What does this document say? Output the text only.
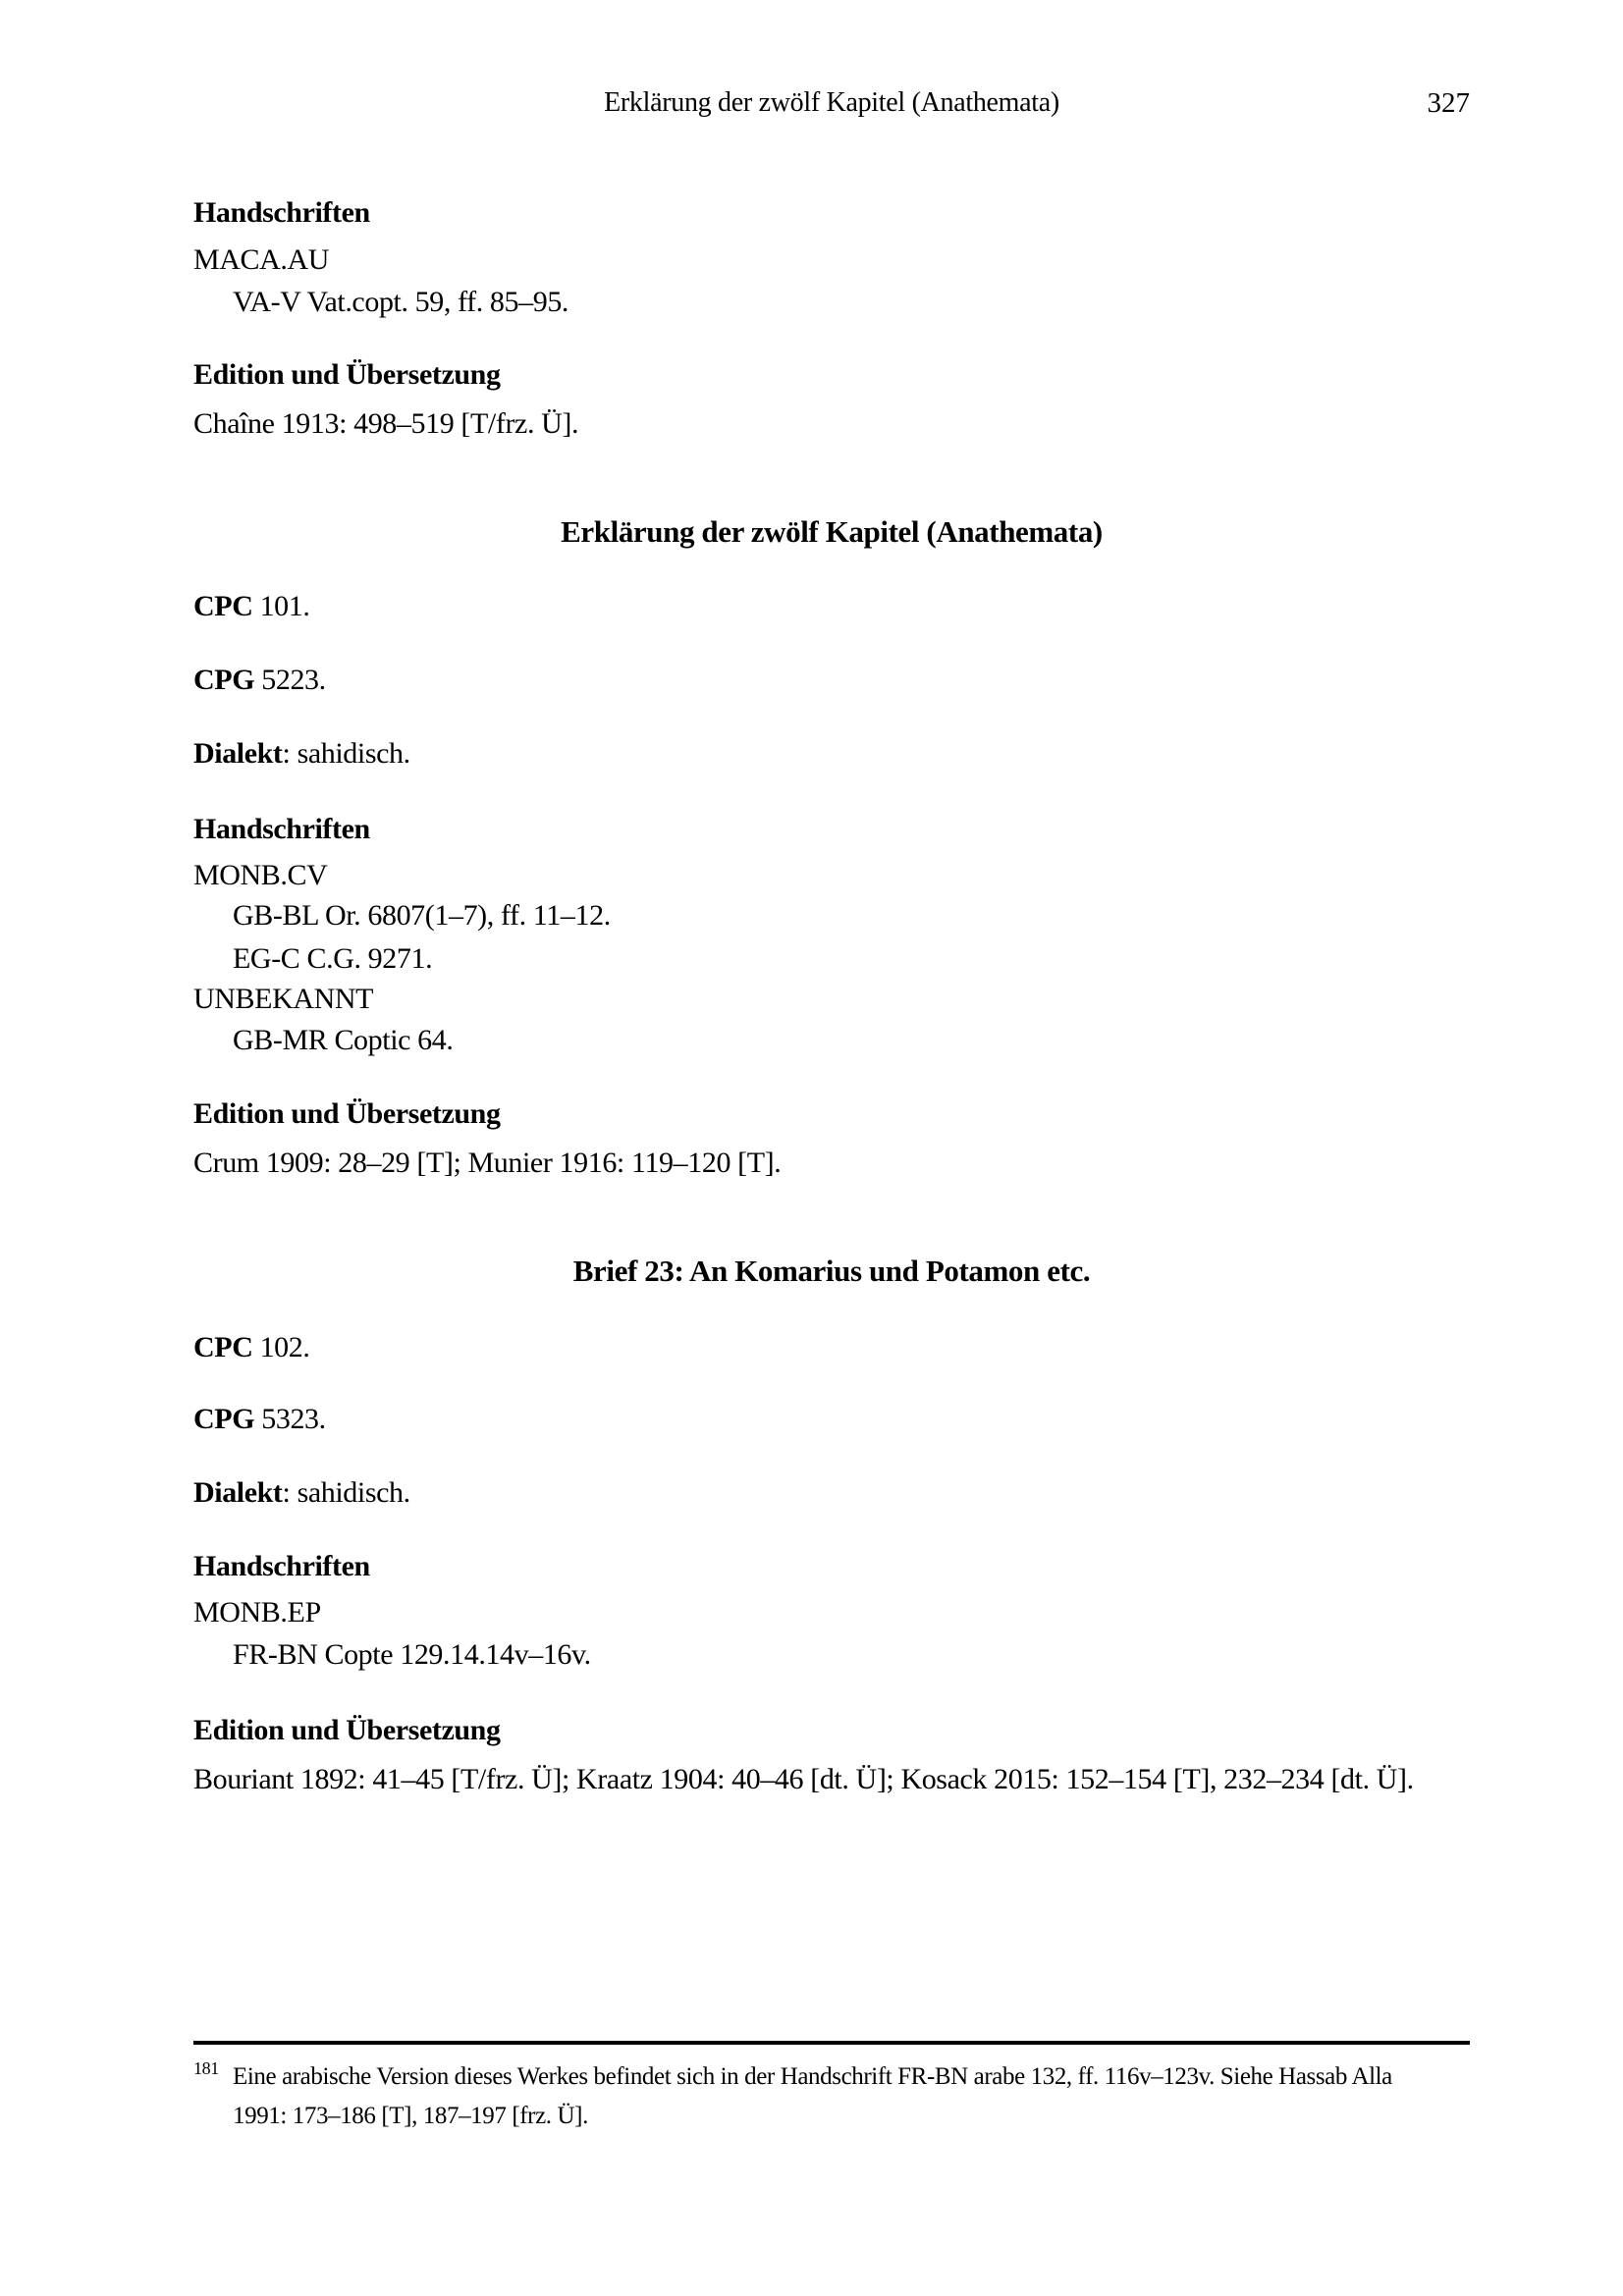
Erklärung der zwölf Kapitel (Anathemata)	327
Handschriften
MACA.AU
VA-V Vat.copt. 59, ff. 85–95.
Edition und Übersetzung
Chaîne 1913: 498–519 [T/frz. Ü].
Erklärung der zwölf Kapitel (Anathemata)
CPC 101.
CPG 5223.
Dialekt: sahidisch.
Handschriften
MONB.CV
GB-BL Or. 6807(1–7), ff. 11–12.
EG-C C.G. 9271.
UNBEKANNT
GB-MR Coptic 64.
Edition und Übersetzung
Crum 1909: 28–29 [T]; Munier 1916: 119–120 [T].
Brief 23: An Komarius und Potamon etc.
CPC 102.
CPG 5323.
Dialekt: sahidisch.
Handschriften
MONB.EP
FR-BN Copte 129.14.14v–16v.
Edition und Übersetzung
Bouriant 1892: 41–45 [T/frz. Ü]; Kraatz 1904: 40–46 [dt. Ü]; Kosack 2015: 152–154 [T], 232–234 [dt. Ü].
181 Eine arabische Version dieses Werkes befindet sich in der Handschrift FR-BN arabe 132, ff. 116v–123v. Siehe Hassab Alla
1991: 173–186 [T], 187–197 [frz. Ü].
